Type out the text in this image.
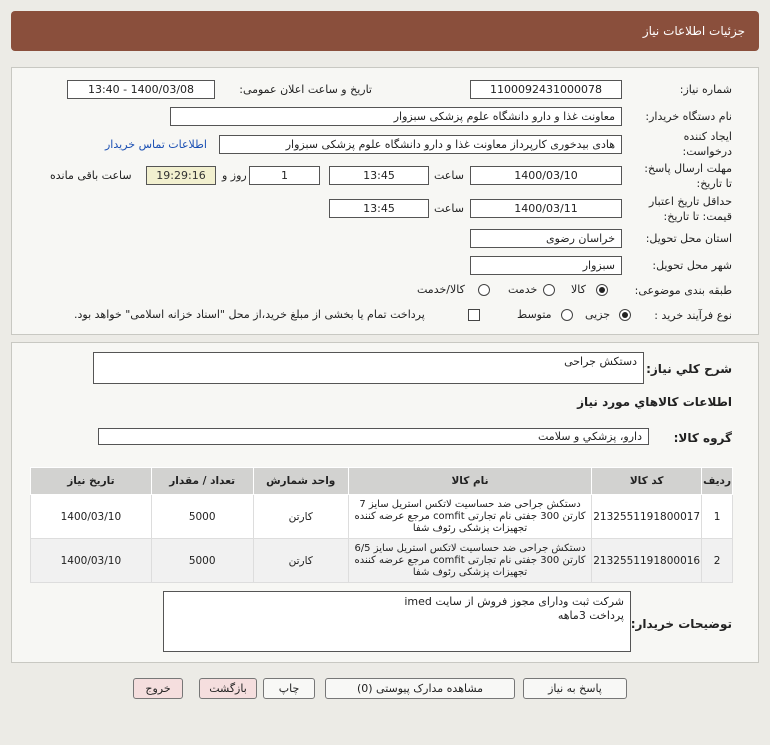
جزئیات اطلاعات نیاز
شماره نیاز:
1100092431000078
تاریخ و ساعت اعلان عمومی:
1400/03/08 - 13:40
نام دستگاه خریدار:
معاونت غذا و دارو دانشگاه علوم پزشکی سبزوار
ایجاد کننده
درخواست:
هادی بیدخوری کارپرداز معاونت غذا و دارو دانشگاه علوم پزشکی سبزوار
اطلاعات تماس خریدار
مهلت ارسال پاسخ:
تا تاریخ:
1400/03/10
ساعت
13:45
1
روز و
19:29:16
ساعت باقی مانده
حداقل تاریخ اعتبار
قیمت: تا تاریخ:
1400/03/11
ساعت
13:45
استان محل تحویل:
خراسان رضوی
شهر محل تحویل:
سبزوار
طبقه بندی موضوعی:
کالا
خدمت
کالا/خدمت
نوع فرآیند خرید :
جزیی
متوسط
پرداخت تمام یا بخشی از مبلغ خرید،از محل "اسناد خزانه اسلامی" خواهد بود.
شرح کلي نياز:
دستکش جراحی
اطلاعات کالاهاي مورد نياز
گروه کالا:
دارو، پزشکي و سلامت
ردیف	کد کالا	نام کالا	واحد شمارش	تعداد / مقدار	تاریخ نیاز
1	2132551191800017	دستکش جراحی ضد حساسیت لاتکس استریل سایز 7 کارتن 300 جفتی نام تجارتی comfit مرجع عرضه کننده تجهیزات پزشکی رئوف شفا	کارتن	5000	1400/03/10
2	2132551191800016	دستکش جراحی ضد حساسیت لاتکس استریل سایز 6/5 کارتن 300 جفتی نام تجارتی comfit مرجع عرضه کننده تجهیزات پزشکی رئوف شفا	کارتن	5000	1400/03/10
توضیحات خریدار:
شرکت ثبت ودارای مجوز فروش از سایت imed
پرداخت 3ماهه
پاسخ به نیاز
مشاهده مدارک پیوستی (0)
چاپ
بازگشت
خروج
